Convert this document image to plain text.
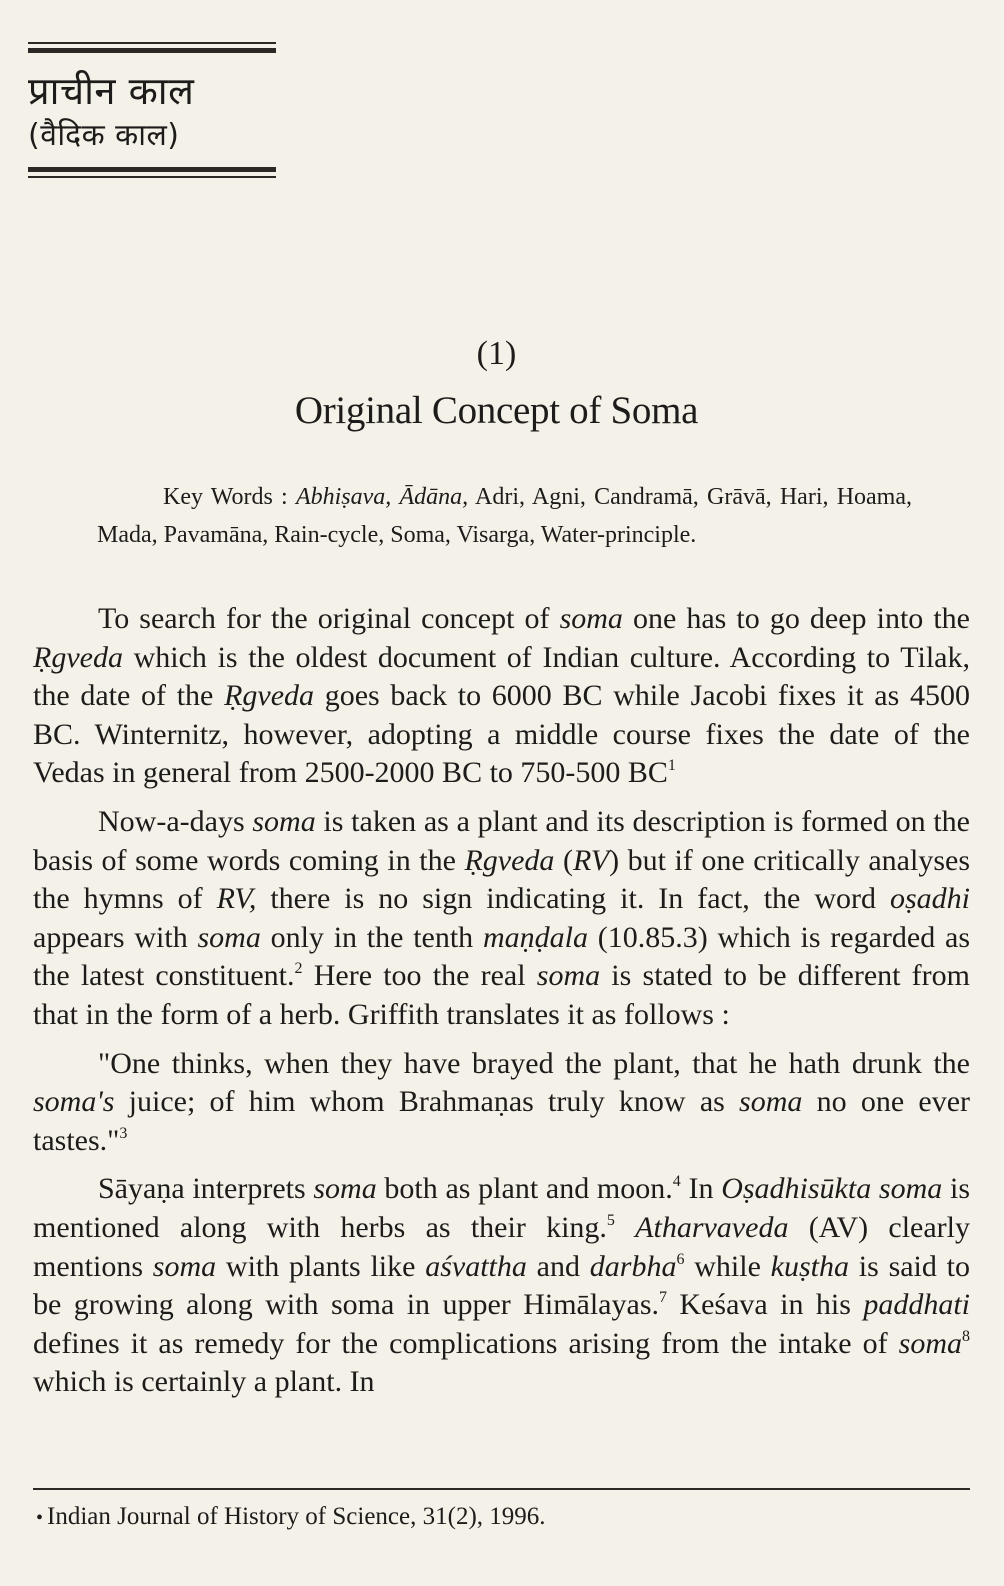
प्राचीन काल
(वैदिक काल)
(1)
Original Concept of Soma
Key Words : Abhiṣava, Ādāna, Adri, Agni, Candramā, Grāvā, Hari, Hoama, Mada, Pavamāna, Rain-cycle, Soma, Visarga, Water-principle.

To search for the original concept of soma one has to go deep into the Ṛgveda which is the oldest document of Indian culture. According to Tilak, the date of the Ṛgveda goes back to 6000 BC while Jacobi fixes it as 4500 BC. Winternitz, however, adopting a middle course fixes the date of the Vedas in general from 2500-2000 BC to 750-500 $BC^1$

Now-a-days soma is taken as a plant and its description is formed on the basis of some words coming in the Ṛgveda (RV) but if one critically analyses the hymns of RV, there is no sign indicating it. In fact, the word oṣadhi appears with soma only in the tenth maṇḍala (10.85.3) which is regarded as the latest constituent.$^2$ Here too the real soma is stated to be different from that in the form of a herb. Griffith translates it as follows :

"One thinks, when they have brayed the plant, that he hath drunk the soma's juice; of him whom Brahmaṇas truly know as soma no one ever tastes."$^3$

Sāyaṇa interprets soma both as plant and moon.$^4$ In Oṣadhisūkta soma is mentioned along with herbs as their king.$^5$ Atharvaveda (AV) clearly mentions soma with plants like aśvattha and darbha$^6$ while kuṣtha is said to be growing along with soma in upper Himālayas.$^7$ Keśava in his paddhati defines it as remedy for the complications arising from the intake of soma$^8$ which is certainly a plant. In

• Indian Journal of History of Science, 31(2), 1996.
